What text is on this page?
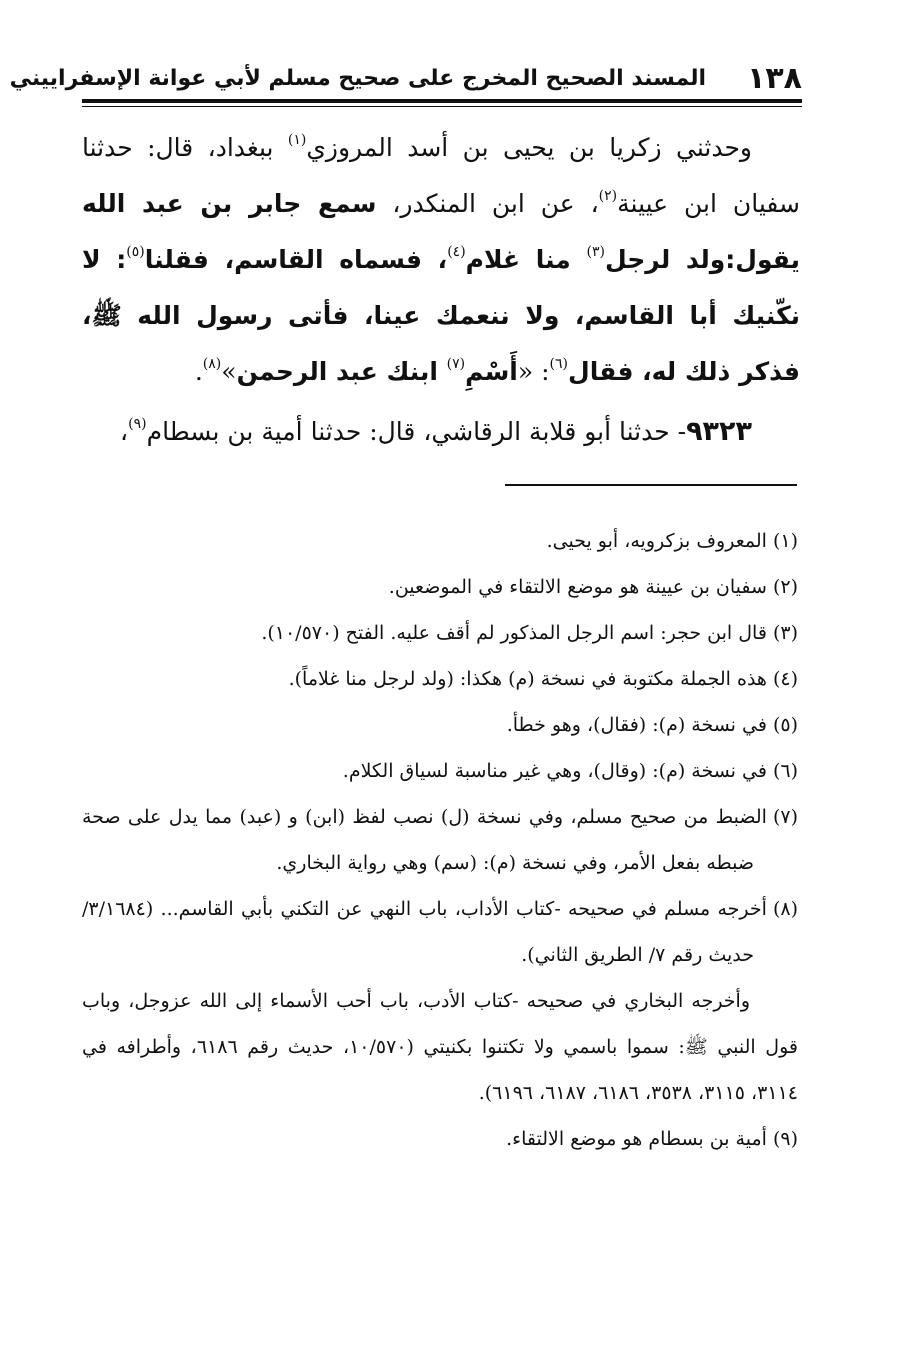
١٣٨
المسند الصحيح المخرج على صحيح مسلم لأبي عوانة الإسفراييني

وحدثني زكريا بن يحيى بن أسد المروزي$^{(١)}$ ببغداد، قال: حدثنا سفيان ابن عيينة$^{(٢)}$، عن ابن المنكدر، سمع جابر بن عبد الله يقول:ولد لرجل$^{(٣)}$ منا غلام$^{(٤)}$، فسماه القاسم، فقلنا$^{(٥)}$: لا نكّنيك أبا القاسم، ولا ننعمك عينا، فأتى رسول الله ﷺ، فذكر ذلك له، فقال$^{(٦)}$: «أَسْمِ$^{(٧)}$ ابنك عبد الرحمن»$^{(٨)}$.

٩٣٢٣- حدثنا أبو قلابة الرقاشي، قال: حدثنا أمية بن بسطام$^{(٩)}$،

(١)المعروف بزكرويه، أبو يحيى.

(٢)سفيان بن عيينة هو موضع الالتقاء في الموضعين.

(٣)قال ابن حجر: اسم الرجل المذكور لم أقف عليه. الفتح (١٠/٥٧٠).

(٤)هذه الجملة مكتوبة في نسخة (م) هكذا: (ولد لرجل منا غلاماً).

(٥)في نسخة (م): (فقال)، وهو خطأ.

(٦)في نسخة (م): (وقال)، وهي غير مناسبة لسياق الكلام.

(٧)الضبط من صحيح مسلم، وفي نسخة (ل) نصب لفظ (ابن) و (عبد) مما يدل على صحة ضبطه بفعل الأمر، وفي نسخة (م): (سم) وهي رواية البخاري.

(٨)أخرجه مسلم في صحيحه -كتاب الأداب، باب النهي عن التكني بأبي القاسم... (٣/١٦٨٤/ حديث رقم ٧/ الطريق الثاني).

وأخرجه البخاري في صحيحه -كتاب الأدب، باب أحب الأسماء إلى الله عزوجل، وباب قول النبي ﷺ: سموا باسمي ولا تكتنوا بكنيتي (١٠/٥٧٠، حديث رقم ٦١٨٦، وأطرافه في ٣١١٤، ٣١١٥، ٣٥٣٨، ٦١٨٦، ٦١٨٧، ٦١٩٦).

(٩)أمية بن بسطام هو موضع الالتقاء.
